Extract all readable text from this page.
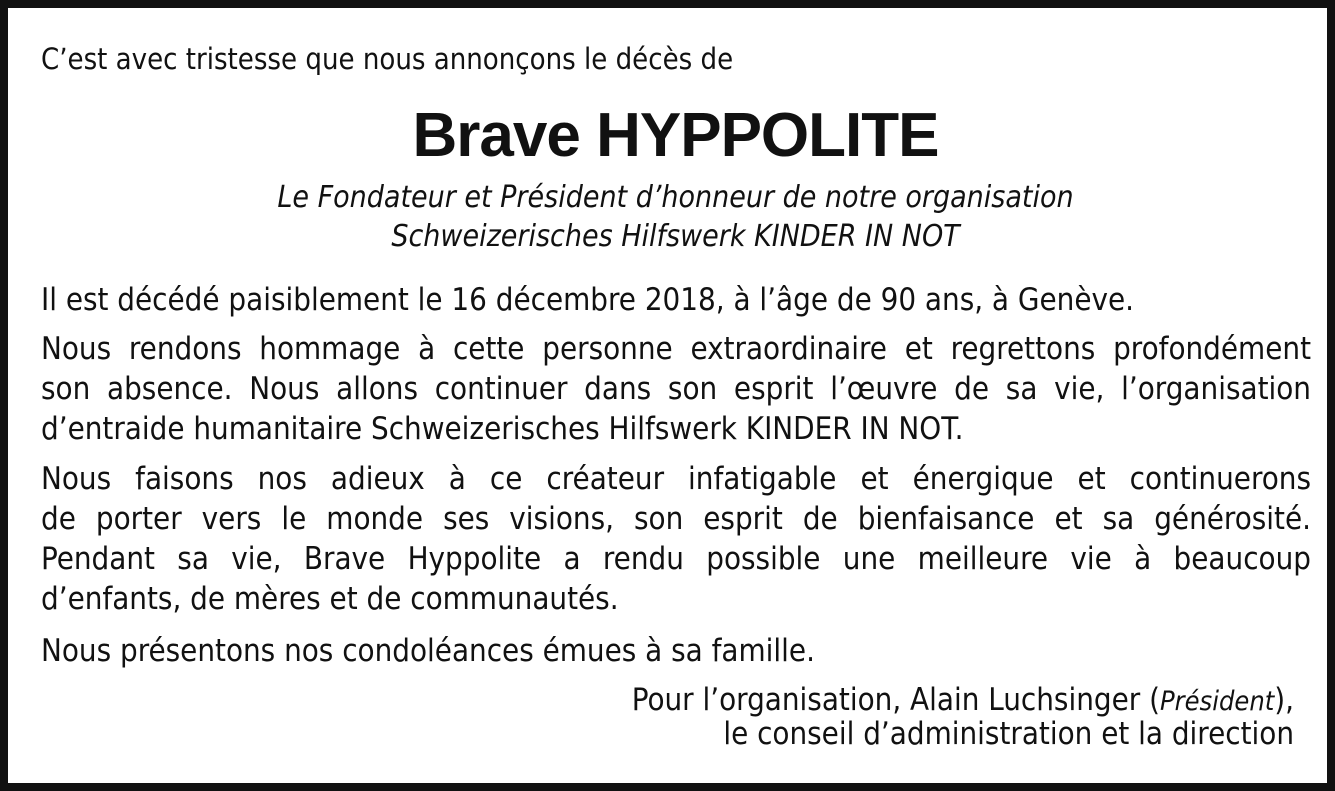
C’est avec tristesse que nous annonçons le décès de
Brave HYPPOLITE
Le Fondateur et Président d’honneur de notre organisation
Schweizerisches Hilfswerk KINDER IN NOT
Il est décédé paisiblement le 16 décembre 2018, à l’âge de 90 ans, à Genève.
Nous rendons hommage à cette personne extraordinaire et regrettons profondément
son absence. Nous allons continuer dans son esprit l’œuvre de sa vie, l’organisation
d’entraide humanitaire Schweizerisches Hilfswerk KINDER IN NOT.
Nous faisons nos adieux à ce créateur infatigable et énergique et continuerons
de porter vers le monde ses visions, son esprit de bienfaisance et sa générosité.
Pendant sa vie, Brave Hyppolite a rendu possible une meilleure vie à beaucoup
d’enfants, de mères et de communautés.
Nous présentons nos condoléances émues à sa famille.
Pour l’organisation, Alain Luchsinger (Président),
le conseil d’administration et la direction
